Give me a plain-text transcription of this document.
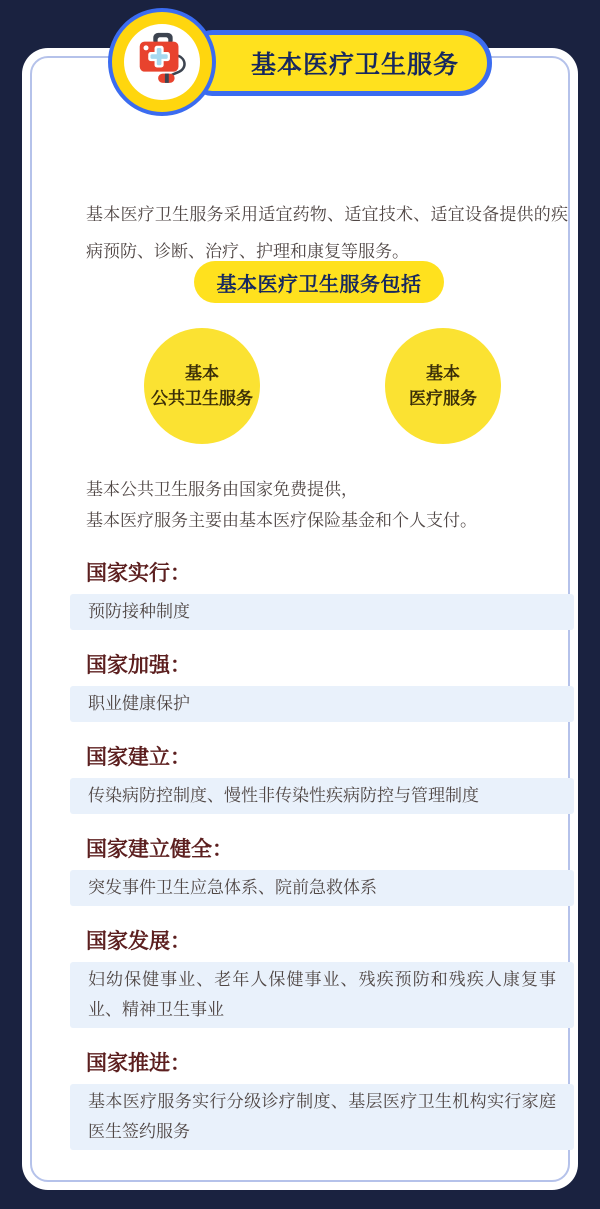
基本医疗卫生服务采用适宜药物、适宜技术、适宜设备提供的疾病预防、诊断、治疗、护理和康复等服务。

基本医疗卫生服务包括
基本
公共卫生服务
基本
医疗服务
基本公共卫生服务由国家免费提供，
基本医疗服务主要由基本医疗保险基金和个人支付。
国家实行：
预防接种制度
国家加强：
职业健康保护
国家建立：
传染病防控制度、慢性非传染性疾病防控与管理制度
国家建立健全：
突发事件卫生应急体系、院前急救体系
国家发展：
妇幼保健事业、老年人保健事业、残疾预防和残疾人康复事业、精神卫生事业
国家推进：
基本医疗服务实行分级诊疗制度、基层医疗卫生机构实行家庭医生签约服务
基本医疗卫生服务
